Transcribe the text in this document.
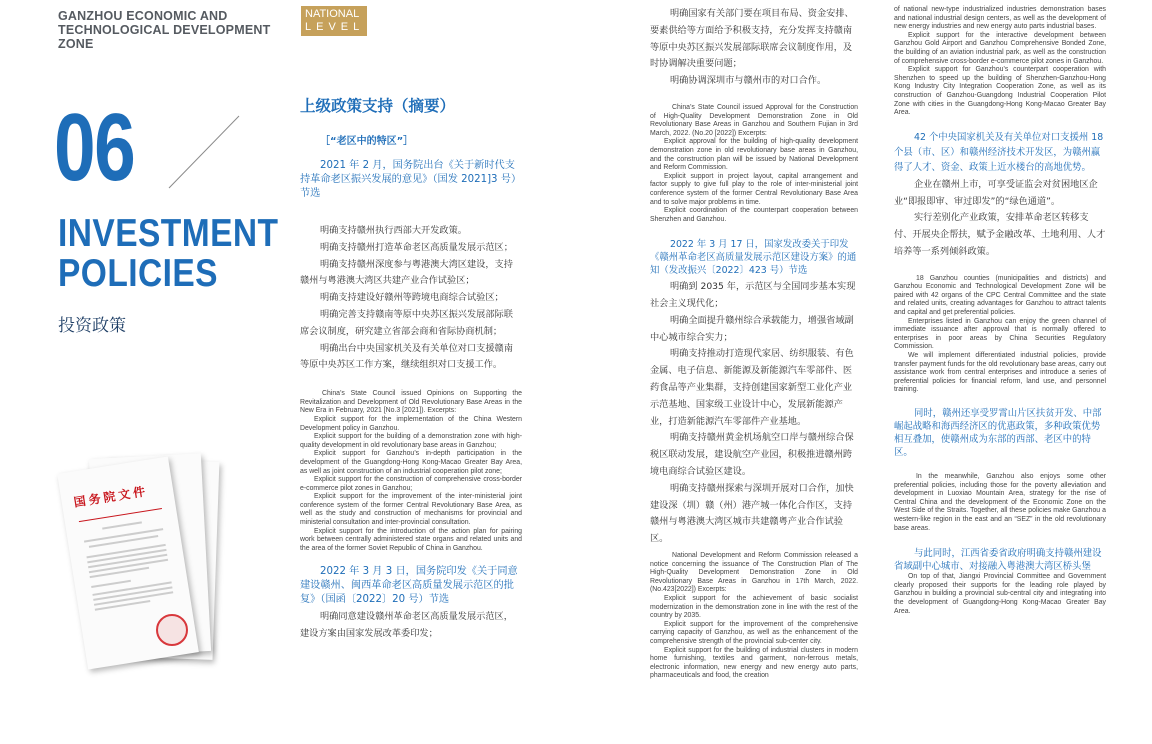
GANZHOU ECONOMIC AND
TECHNOLOGICAL DEVELOPMENT ZONE
NATIONAL
LEVEL
06
INVESTMENT
POLICIES
投资政策
国务院文件
上级政策支持（摘要）
［“老区中的特区”］
2021 年 2 月，国务院出台《关于新时代支持革命老区振兴发展的意见》（国发 2021]3 号）节选
明确支持赣州执行西部大开发政策。
明确支持赣州打造革命老区高质量发展示范区；
明确支持赣州深度参与粤港澳大湾区建设，支持赣州与粤港澳大湾区共建产业合作试验区；
明确支持建设好赣州等跨境电商综合试验区；
明确完善支持赣南等原中央苏区振兴发展部际联席会议制度，研究建立省部会商和省际协商机制；
明确出台中央国家机关及有关单位对口支援赣南等原中央苏区工作方案，继续组织对口支援工作。

China’s State Council issued Opinions on Supporting the Revitalization and Development of Old Revolutionary Base Areas in the New Era in February, 2021 [No.3 [2021]). Excerpts:

Explicit support for the implementation of the China Western Development policy in Ganzhou.

Explicit support for the building of a demonstration zone with high-quality development in old revolutionary base areas in Ganzhou;

Explicit support for Ganzhou’s in-depth participation in the development of the Guangdong-Hong Kong-Macao Greater Bay Area, as well as joint construction of an industrial cooperation pilot zone;

Explicit support for the construction of comprehensive cross-border e-commerce pilot zones in Ganzhou;

Explicit support for the improvement of the inter-ministerial joint conference system of the former Central Revolutionary Base Area, as well as the study and construction of mechanisms for provincial and ministerial consultation and inter-provincial consultation.

Explicit support for the introduction of the action plan for pairing work between centrally administered state organs and related units and the area of the former Soviet Republic of China in Ganzhou.

2022 年 3 月 3 日，国务院印发《关于同意建设赣州、闽西革命老区高质量发展示范区的批复》（国函〔2022〕20 号）节选
明确同意建设赣州革命老区高质量发展示范区，建设方案由国家发展改革委印发；
明确国家有关部门要在项目布局、资金安排、要素供给等方面给予积极支持，充分发挥支持赣南等原中央苏区振兴发展部际联席会议制度作用，及时协调解决重要问题；
明确协调深圳市与赣州市的对口合作。

China’s State Council issued Approval for the Construction of High-Quality Development Demonstration Zone in Old Revolutionary Base Areas in Ganzhou and Southern Fujian in 3rd March, 2022. (No.20 [2022]) Excerpts:

Explicit approval for the building of high-quality development demonstration zone in old revolutionary base areas in Ganzhou, and the construction plan will be issued by National Development and Reform Commission.

Explicit support in project layout, capital arrangement and factor supply to give full play to the role of inter-ministerial joint conference system of the former Central Revolutionary Base Area and to solve major problems in time.

Explicit coordination of the counterpart cooperation between Shenzhen and Ganzhou.

2022 年 3 月 17 日，国家发改委关于印发《赣州革命老区高质量发展示范区建设方案》的通知（发改振兴〔2022〕423 号）节选
明确到 2035 年，示范区与全国同步基本实现社会主义现代化；
明确全面提升赣州综合承载能力，增强省域副中心城市综合实力；
明确支持推动打造现代家居、纺织服装、有色金属、电子信息、新能源及新能源汽车零部件、医药食品等产业集群，支持创建国家新型工业化产业示范基地、国家级工业设计中心，发展新能源产业，打造新能源汽车零部件产业基地。
明确支持赣州黄金机场航空口岸与赣州综合保税区联动发展，建设航空产业园，积极推进赣州跨境电商综合试验区建设。
明确支持赣州探索与深圳开展对口合作，加快建设深（圳）赣（州）港产城一体化合作区，支持赣州与粤港澳大湾区城市共建赣粤产业合作试验区。

National Development and Reform Commission released a notice concerning the issuance of The Construction Plan of The High-Quality Development Demonstration Zone in Old Revolutionary Base Areas in Ganzhou in 17th March, 2022. (No.423[2022]) Excerpts:

Explicit support for the achievement of basic socialist modernization in the demonstration zone in line with the rest of the country by 2035.

Explicit support for the improvement of the comprehensive carrying capacity of Ganzhou, as well as the enhancement of the comprehensive strength of the provincial sub-center city.

Explicit support for the building of industrial clusters in modern home furnishing, textiles and garment, non-ferrous metals, electronic information, new energy and new energy auto parts, pharmaceuticals and food, the creation

of national new-type industrialized industries demonstration bases and national industrial design centers, as well as the development of new energy industries and new energy auto parts industrial bases.

Explicit support for the interactive development between Ganzhou Gold Airport and Ganzhou Comprehensive Bonded Zone, the building of an aviation industrial park, as well as the construction of comprehensive cross-border e-commerce pilot zones in Ganzhou.

Explicit support for Ganzhou’s counterpart cooperation with Shenzhen to speed up the building of Shenzhen-Ganzhou-Hong Kong Industry City Integration Cooperation Zone, as well as its construction of Ganzhou-Guangdong Industrial Cooperation Pilot Zone with cities in the Guangdong-Hong Kong-Macao Greater Bay Area.

42 个中央国家机关及有关单位对口支援州 18 个县（市、区）和赣州经济技术开发区，为赣州赢得了人才、资金、政策上近水楼台的高地优势。
企业在赣州上市，可享受证监会对贫困地区企业“即报即审、审过即发”的“绿色通道”。
实行差别化产业政策，安排革命老区转移支付、开展央企帮扶，赋予金融改革、土地利用、人才培养等一系列倾斜政策。

18 Ganzhou counties (municipalities and districts) and Ganzhou Economic and Technological Development Zone will be paired with 42 organs of the CPC Central Committee and the state and related units, creating advantages for Ganzhou to attract talents and capital and get preferential policies.

Enterprises listed in Ganzhou can enjoy the green channel of immediate issuance after approval that is normally offered to enterprises in poor areas by China Securities Regulatory Commission.

We will implement differentiated industrial policies, provide transfer payment funds for the old revolutionary base areas, carry out assistance work from central enterprises and introduce a series of preferential policies for financial reform, land use, and personnel training.

同时，赣州还享受罗霄山片区扶贫开发、中部崛起战略和海西经济区的优惠政策，多种政策优势相互叠加，使赣州成为东部的西部、老区中的特区。

In the meanwhile, Ganzhou also enjoys some other preferential policies, including those for the poverty alleviation and development in Luoxiao Mountain Area, strategy for the rise of Central China and the development of the Economic Zone on the West Side of the Straits. Together, all these policies make Ganzhou a western-like region in the east and an “SEZ” in the old revolutionary base areas.

与此同时，江西省委省政府明确支持赣州建设省域副中心城市、对接融入粤港澳大湾区桥头堡

On top of that, Jiangxi Provincial Committee and Government clearly proposed their supports for the leading role played by Ganzhou in building a provincial sub-central city and integrating into the development of Guangdong-Hong Kong-Macao Greater Bay Area.
